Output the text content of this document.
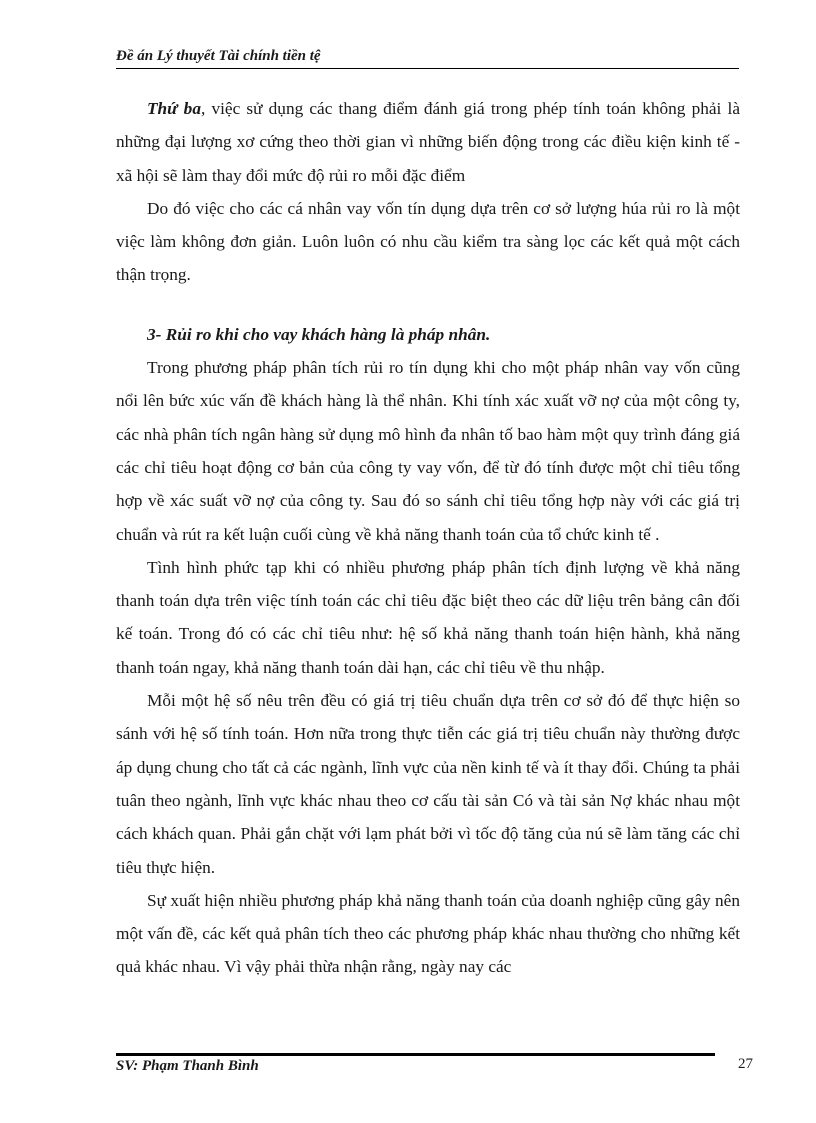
Đề án Lý thuyết Tài chính tiền tệ

Thứ ba, việc sử dụng các thang điểm đánh giá trong phép tính toán không phải là những đại lượng xơ cứng theo thời gian vì những biến động trong các điều kiện kinh tế - xã hội sẽ làm thay đổi mức độ rủi ro mỗi đặc điểm

Do đó việc cho các cá nhân vay vốn tín dụng dựa trên cơ sở lượng húa rủi ro là một việc làm không đơn giản. Luôn luôn có nhu cầu kiểm tra sàng lọc các kết quả một cách thận trọng.

3- Rủi ro khi cho vay khách hàng là pháp nhân.

Trong phương pháp phân tích rủi ro tín dụng khi cho một pháp nhân vay vốn cũng nổi lên bức xúc vấn đề khách hàng là thể nhân. Khi tính xác xuất vỡ nợ của một công ty, các nhà phân tích ngân hàng sử dụng mô hình đa nhân tố bao hàm một quy trình đáng giá các chỉ tiêu hoạt động cơ bản của công ty vay vốn, để từ đó tính được một chỉ tiêu tổng hợp về xác suất vỡ nợ của công ty. Sau đó so sánh chỉ tiêu tổng hợp này với các giá trị chuẩn và rút ra kết luận cuối cùng về khả năng thanh toán của tổ chức kinh tế .

Tình hình phức tạp khi có nhiều phương pháp phân tích định lượng về khả năng thanh toán dựa trên việc tính toán các chỉ tiêu đặc biệt theo các dữ liệu trên bảng cân đối kế toán. Trong đó có các chỉ tiêu như: hệ số khả năng thanh toán hiện hành, khả năng thanh toán ngay, khả năng thanh toán dài hạn, các chỉ tiêu về thu nhập.

Mỗi một hệ số nêu trên đều có giá trị tiêu chuẩn dựa trên cơ sở đó để thực hiện so sánh với hệ số tính toán. Hơn nữa trong thực tiễn các giá trị tiêu chuẩn này thường được áp dụng chung cho tất cả các ngành, lĩnh vực của nền kinh tế và ít thay đổi. Chúng ta phải tuân theo ngành, lĩnh vực khác nhau theo cơ cấu tài sản Có và tài sản Nợ khác nhau một cách khách quan. Phải gắn chặt với lạm phát bởi vì tốc độ tăng của nú sẽ làm tăng các chỉ tiêu thực hiện.

Sự xuất hiện nhiều phương pháp khả năng thanh toán của doanh nghiệp cũng gây nên một vấn đề, các kết quả phân tích theo các phương pháp khác nhau thường cho những kết quả khác nhau. Vì vậy phải thừa nhận rằng, ngày nay các

SV: Phạm Thanh Bình	27
